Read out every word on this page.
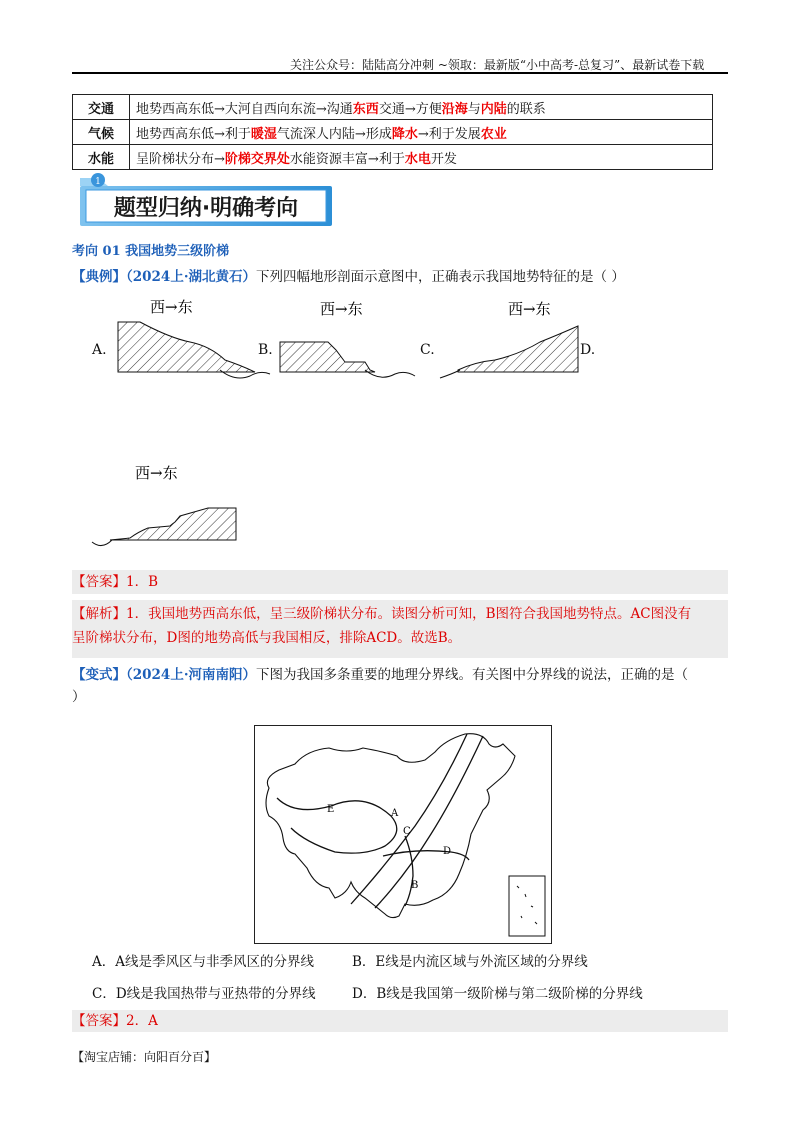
关注公众号：陆陆高分冲刺 ~领取：最新版“小中高考-总复习”、最新试卷下载
交通	地势西高东低→大河自西向东流→沟通东西交通→方便沿海与内陆的联系
气候	地势西高东低→利于暖湿气流深人内陆→形成降水→利于发展农业
水能	呈阶梯状分布→阶梯交界处水能资源丰富→利于水电开发
1
题型归纳·明确考向
考向 01 我国地势三级阶梯
【典例】（2024上·湖北黄石）下列四幅地形剖面示意图中，正确表示我国地势特征的是（ ）
西→东	西→东	西→东
西→东
A.	B.	C.	D.
【答案】1．B
【解析】1．我国地势西高东低，呈三级阶梯状分布。读图分析可知，B图符合我国地势特点。AC图没有
呈阶梯状分布，D图的地势高低与我国相反，排除ACD。故选B。
【变式】（2024上·河南南阳）下图为我国多条重要的地理分界线。有关图中分界线的说法，正确的是（
）
E	A
C
D
B
A．A线是季风区与非季风区的分界线	B．E线是内流区域与外流区域的分界线
C．D线是我国热带与亚热带的分界线	D．B线是我国第一级阶梯与第二级阶梯的分界线
【答案】2．A
【淘宝店铺：向阳百分百】
